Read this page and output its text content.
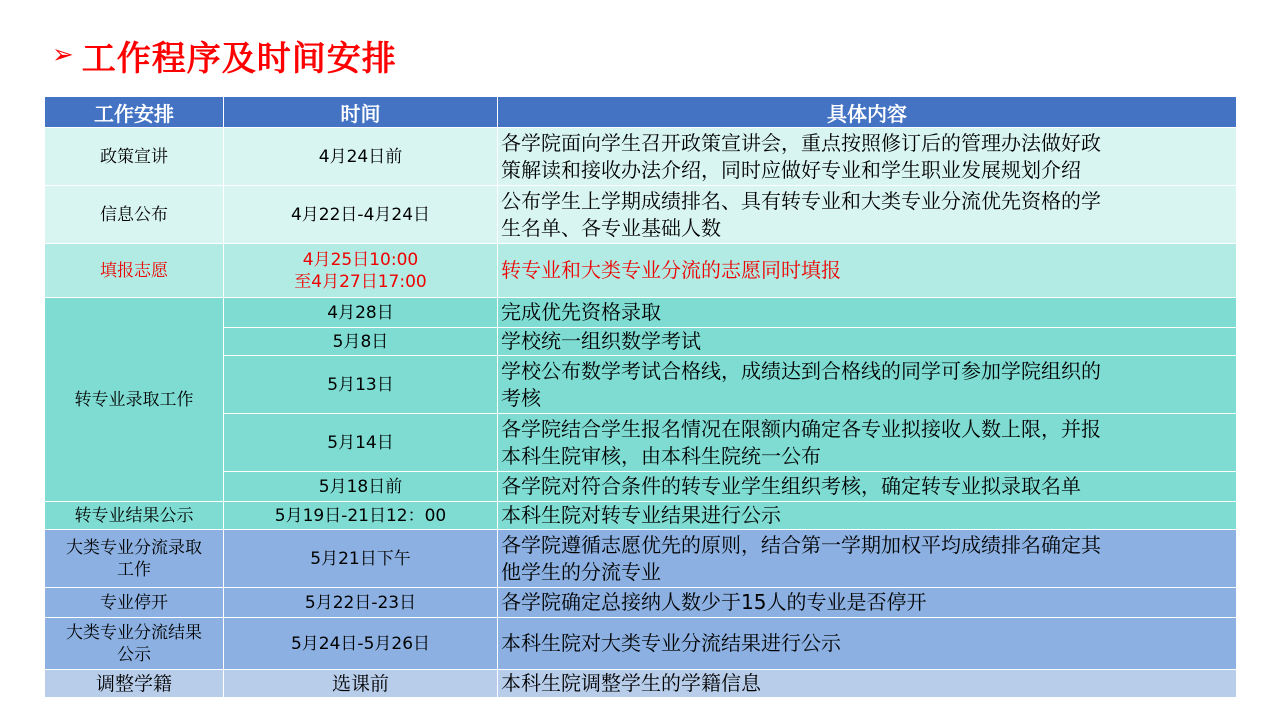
➢ 工作程序及时间安排
工作安排	时间	具体内容
政策宣讲	4月24日前	各学院面向学生召开政策宣讲会，重点按照修订后的管理办法做好政
策解读和接收办法介绍，同时应做好专业和学生职业发展规划介绍

信息公布	4月22日-4月24日	公布学生上学期成绩排名、具有转专业和大类专业分流优先资格的学
生名单、各专业基础人数

填报志愿	4月25日10:00
至4月27日17:00	转专业和大类专业分流的志愿同时填报
转专业录取工作	4月28日	完成优先资格录取
	5月8日	学校统一组织数学考试
	5月13日	学校公布数学考试合格线，成绩达到合格线的同学可参加学院组织的
考核

	5月14日	各学院结合学生报名情况在限额内确定各专业拟接收人数上限，并报
本科生院审核，由本科生院统一公布

	5月18日前	各学院对符合条件的转专业学生组织考核，确定转专业拟录取名单
转专业结果公示	5月19日-21日12：00	本科生院对转专业结果进行公示

大类专业分流录取
工作	5月21日下午	各学院遵循志愿优先的原则，结合第一学期加权平均成绩排名确定其
他学生的分流专业

专业停开	5月22日-23日	各学院确定总接纳人数少于15人的专业是否停开

大类专业分流结果
公示	5月24日-5月26日	本科生院对大类专业分流结果进行公示
调整学籍	选课前	本科生院调整学生的学籍信息
